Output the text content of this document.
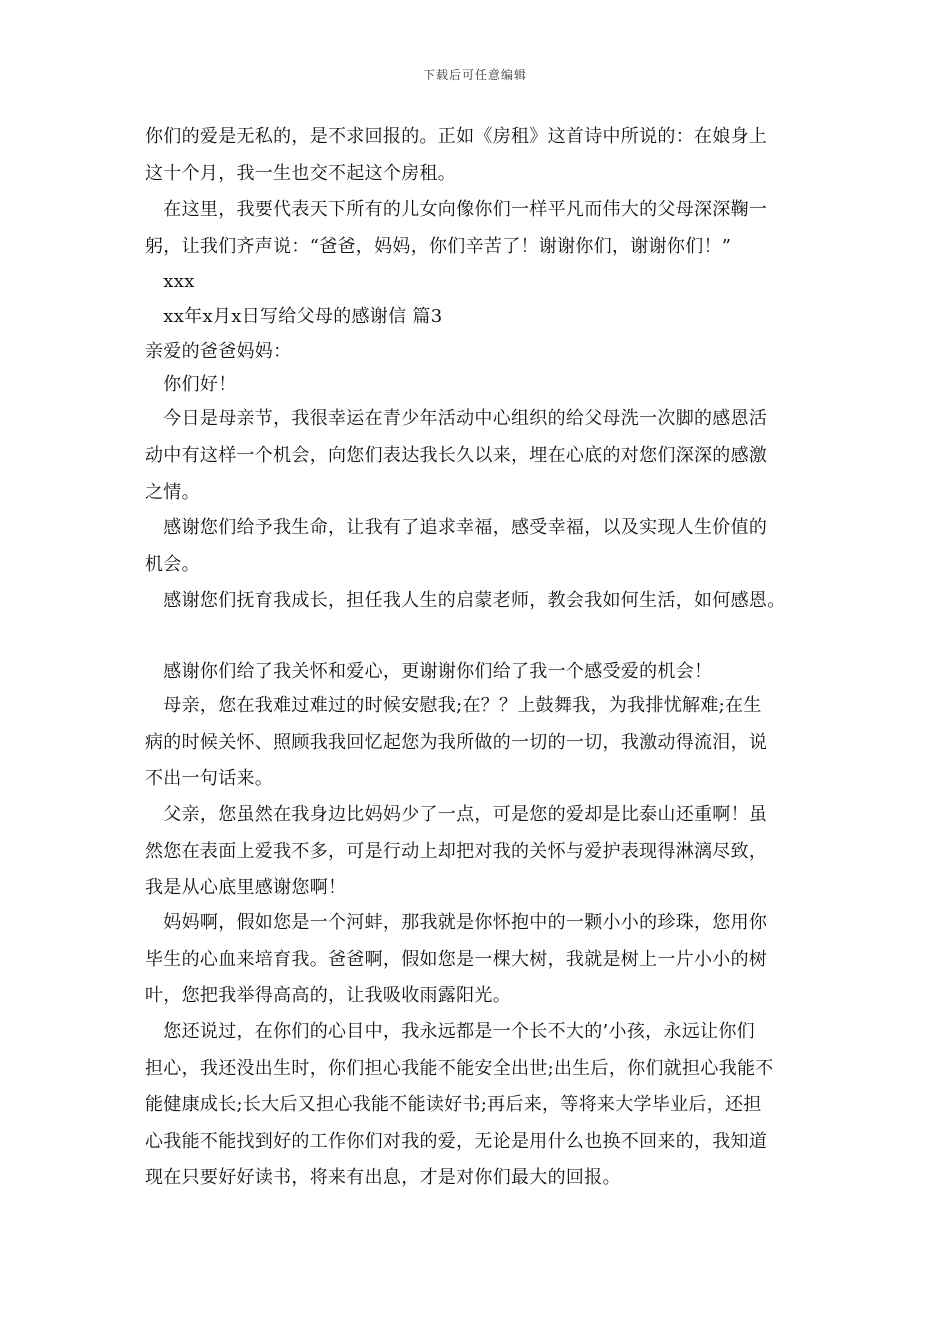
下载后可任意编辑
你们的爱是无私的，是不求回报的。正如《房租》这首诗中所说的：在娘身上
这十个月，我一生也交不起这个房租。
　在这里，我要代表天下所有的儿女向像你们一样平凡而伟大的父母深深鞠一
躬，让我们齐声说：“爸爸，妈妈，你们辛苦了！谢谢你们，谢谢你们！”
　xxx
　xx年x月x日写给父母的感谢信 篇3
亲爱的爸爸妈妈：
　你们好！
　今日是母亲节，我很幸运在青少年活动中心组织的给父母洗一次脚的感恩活
动中有这样一个机会，向您们表达我长久以来，埋在心底的对您们深深的感激
之情。
　感谢您们给予我生命，让我有了追求幸福，感受幸福，以及实现人生价值的
机会。
　感谢您们抚育我成长，担任我人生的启蒙老师，教会我如何生活，如何感恩。
　感谢你们给了我关怀和爱心，更谢谢你们给了我一个感受爱的机会！
　母亲，您在我难过难过的时候安慰我;在？？上鼓舞我，为我排忧解难;在生
病的时候关怀、照顾我我回忆起您为我所做的一切的一切，我激动得流泪，说
不出一句话来。
　父亲，您虽然在我身边比妈妈少了一点，可是您的爱却是比泰山还重啊！虽
然您在表面上爱我不多，可是行动上却把对我的关怀与爱护表现得淋漓尽致，
我是从心底里感谢您啊！
　妈妈啊，假如您是一个河蚌，那我就是你怀抱中的一颗小小的珍珠，您用你
毕生的心血来培育我。爸爸啊，假如您是一棵大树，我就是树上一片小小的树
叶，您把我举得高高的，让我吸收雨露阳光。
　您还说过，在你们的心目中，我永远都是一个长不大的’小孩，永远让你们
担心，我还没出生时，你们担心我能不能安全出世;出生后，你们就担心我能不
能健康成长;长大后又担心我能不能读好书;再后来，等将来大学毕业后，还担
心我能不能找到好的工作你们对我的爱，无论是用什么也换不回来的，我知道
现在只要好好读书，将来有出息，才是对你们最大的回报。
